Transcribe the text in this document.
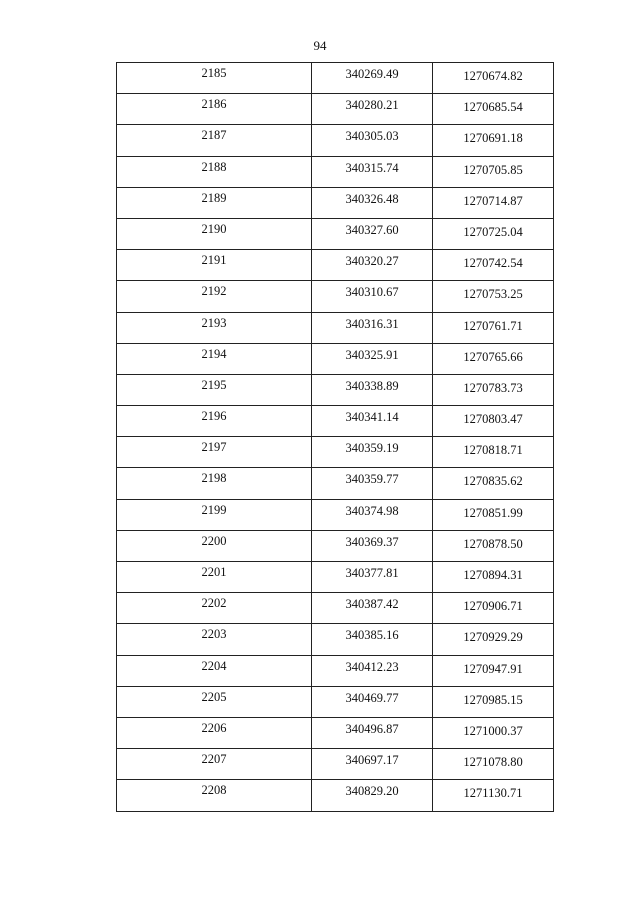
94
2185	340269.49	1270674.82
2186	340280.21	1270685.54
2187	340305.03	1270691.18
2188	340315.74	1270705.85
2189	340326.48	1270714.87
2190	340327.60	1270725.04
2191	340320.27	1270742.54
2192	340310.67	1270753.25
2193	340316.31	1270761.71
2194	340325.91	1270765.66
2195	340338.89	1270783.73
2196	340341.14	1270803.47
2197	340359.19	1270818.71
2198	340359.77	1270835.62
2199	340374.98	1270851.99
2200	340369.37	1270878.50
2201	340377.81	1270894.31
2202	340387.42	1270906.71
2203	340385.16	1270929.29
2204	340412.23	1270947.91
2205	340469.77	1270985.15
2206	340496.87	1271000.37
2207	340697.17	1271078.80
2208	340829.20	1271130.71
